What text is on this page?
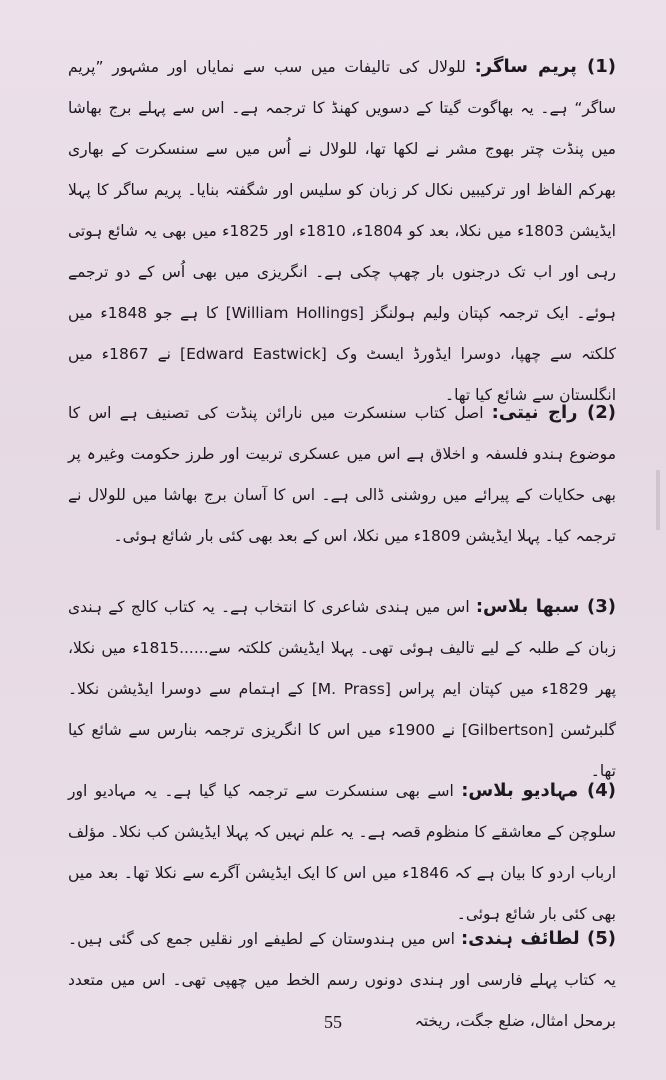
(1) پریم ساگر: للولال کی تالیفات میں سب سے نمایاں اور مشہور ”پریم ساگر“ ہے۔ یہ بھاگوت گیتا کے دسویں کھنڈ کا ترجمہ ہے۔ اس سے پہلے برج بھاشا میں پنڈت چتر بھوج مشر نے لکھا تھا، للولال نے اُس میں سے سنسکرت کے بھاری بھرکم الفاظ اور ترکیبیں نکال کر زبان کو سلیس اور شگفتہ بنایا۔ پریم ساگر کا پہلا ایڈیشن 1803ء میں نکلا، بعد کو 1804ء، 1810ء اور 1825ء میں بھی یہ شائع ہوتی رہی اور اب تک درجنوں بار چھپ چکی ہے۔ انگریزی میں بھی اُس کے دو ترجمے ہوئے۔ ایک ترجمہ کپتان ولیم ہولنگز [William Hollings] کا ہے جو 1848ء میں کلکتہ سے چھپا، دوسرا ایڈورڈ ایسٹ وک [Edward Eastwick] نے 1867ء میں انگلستان سے شائع کیا تھا۔

(2) راج نیتی: اصل کتاب سنسکرت میں نارائن پنڈت کی تصنیف ہے اس کا موضوع ہندو فلسفہ و اخلاق ہے اس میں عسکری تربیت اور طرز حکومت وغیرہ پر بھی حکایات کے پیرائے میں روشنی ڈالی ہے۔ اس کا آسان برج بھاشا میں للولال نے ترجمہ کیا۔ پہلا ایڈیشن 1809ء میں نکلا، اس کے بعد بھی کئی بار شائع ہوئی۔

(3) سبھا بلاس: اس میں ہندی شاعری کا انتخاب ہے۔ یہ کتاب کالج کے ہندی زبان کے طلبہ کے لیے تالیف ہوئی تھی۔ پہلا ایڈیشن کلکتہ سے......1815ء میں نکلا، پھر 1829ء میں کپتان ایم پراس [M. Prass] کے اہتمام سے دوسرا ایڈیشن نکلا۔ گلبرٹسن [Gilbertson] نے 1900ء میں اس کا انگریزی ترجمہ بنارس سے شائع کیا تھا۔

(4) مہادیو بلاس: اسے بھی سنسکرت سے ترجمہ کیا گیا ہے۔ یہ مہادیو اور سلوچن کے معاشقے کا منظوم قصہ ہے۔ یہ علم نہیں کہ پہلا ایڈیشن کب نکلا۔ مؤلف ارباب اردو کا بیان ہے کہ 1846ء میں اس کا ایک ایڈیشن آگرے سے نکلا تھا۔ بعد میں بھی کئی بار شائع ہوئی۔

(5) لطائف ہندی: اس میں ہندوستان کے لطیفے اور نقلیں جمع کی گئی ہیں۔ یہ کتاب پہلے فارسی اور ہندی دونوں رسم الخط میں چھپی تھی۔ اس میں متعدد برمحل امثال، ضلع جگت، ریختہ

55
